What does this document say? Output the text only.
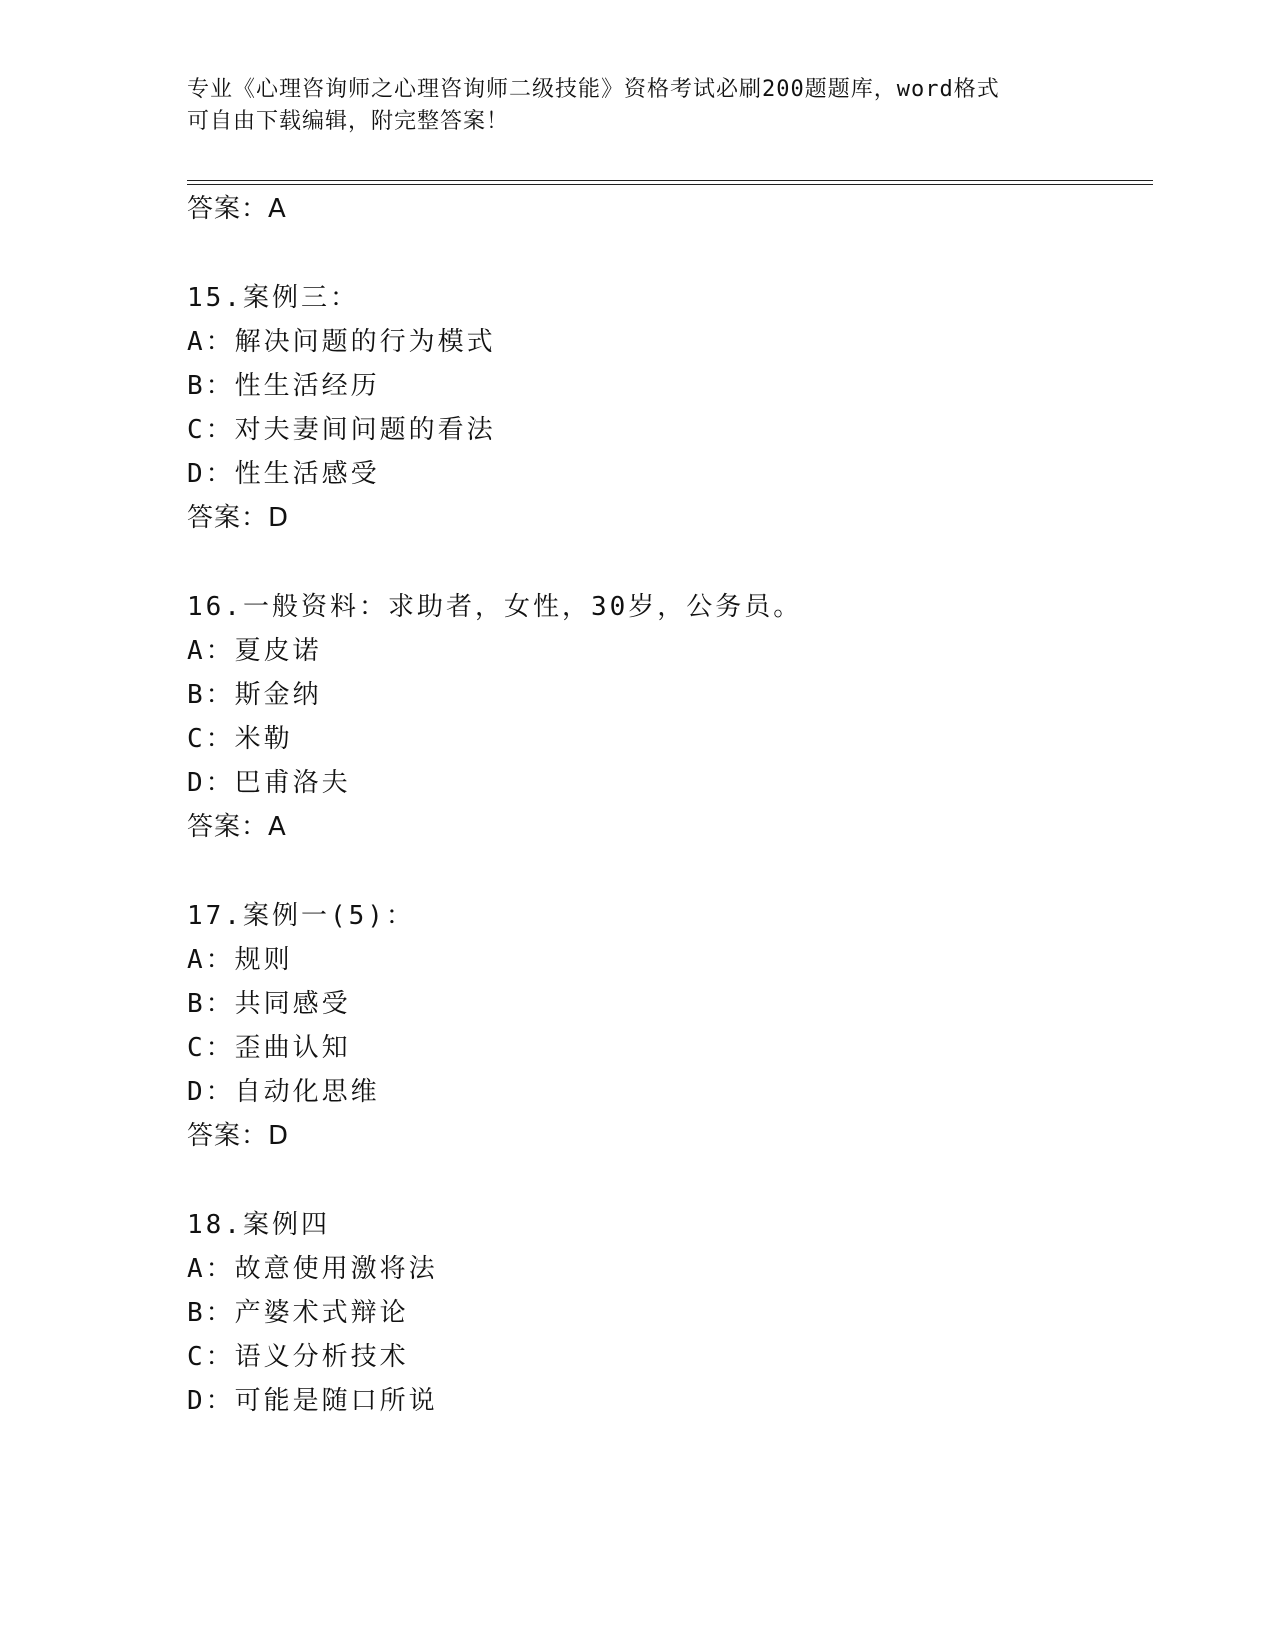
专业《心理咨询师之心理咨询师二级技能》资格考试必刷200题题库，word格式
可自由下载编辑，附完整答案！
答案：A
15.案例三：
A：解决问题的行为模式
B：性生活经历
C：对夫妻间问题的看法
D：性生活感受
答案：D
16.一般资料：求助者，女性，30岁，公务员。
A：夏皮诺
B：斯金纳
C：米勒
D：巴甫洛夫
答案：A
17.案例一(5)：
A：规则
B：共同感受
C：歪曲认知
D：自动化思维
答案：D
18.案例四
A：故意使用激将法
B：产婆术式辩论
C：语义分析技术
D：可能是随口所说
